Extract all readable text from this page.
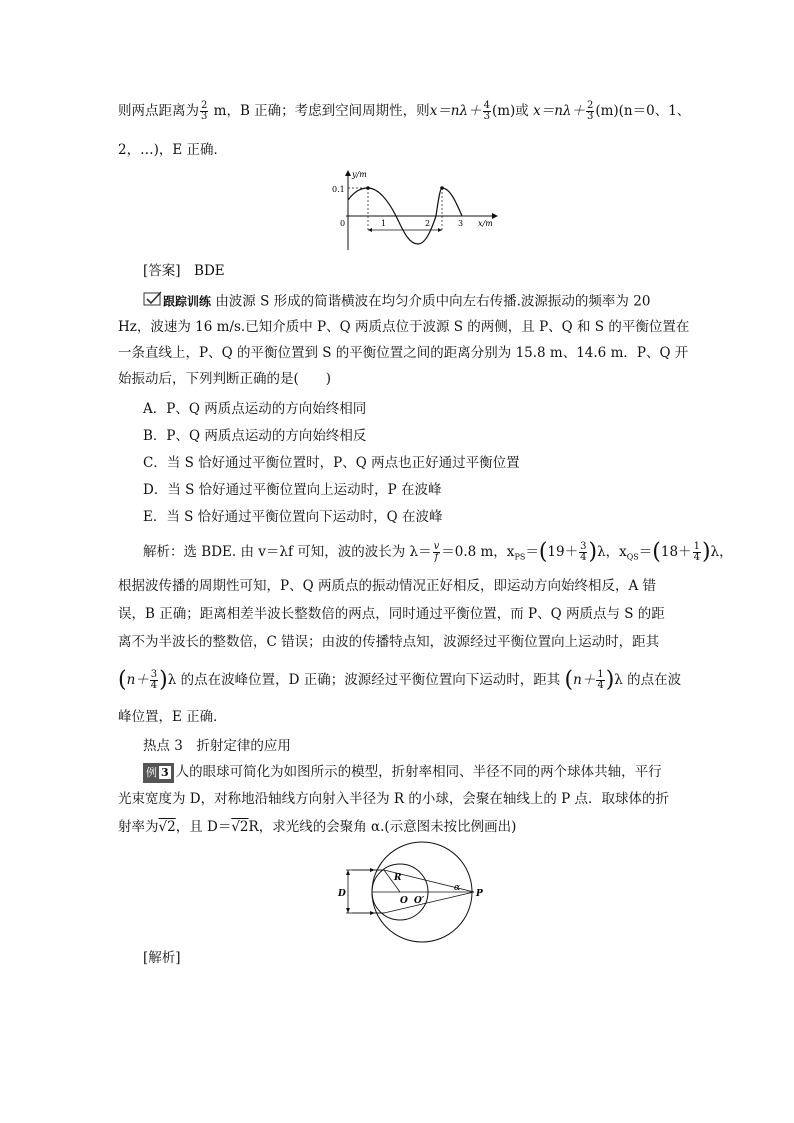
则两点距离为 $\frac{2}{3}$ m，B 正确；考虑到空间周期性，则$x=n\lambda+ \frac{4}{3} (m)$或 $x=n\lambda+ \frac{2}{3} (m)(n=0$、1、
2，…)，E 正确．
y/m
x/m
0.1
0	1	2	3
[答案]　BDE
跟踪训练 由波源 S 形成的简谐横波在均匀介质中向左右传播.波源振动的频率为 20
Hz，波速为 16 m/s.已知介质中 P、Q 两质点位于波源 S 的两侧，且 P、Q 和 S 的平衡位置在
一条直线上，P、Q 的平衡位置到 S 的平衡位置之间的距离分别为 15.8 m、14.6 m．P、Q 开
始振动后，下列判断正确的是(　　)
A．P、Q 两质点运动的方向始终相同
B．P、Q 两质点运动的方向始终相反
C．当 S 恰好通过平衡位置时，P、Q 两点也正好通过平衡位置
D．当 S 恰好通过平衡位置向上运动时，P 在波峰
E．当 S 恰好通过平衡位置向下运动时，Q 在波峰
解析：选 BDE. 由 v＝λf 可知，波的波长为 $\lambda= \frac{v}{f}=0.8$ m，$x_{PS}=(19+ \frac{3}{4} )\lambda$，$x_{QS}=(18+ \frac{1}{4} )\lambda$，
根据波传播的周期性可知，P、Q 两质点的振动情况正好相反，即运动方向始终相反，A 错
误，B 正确；距离相差半波长整数倍的两点，同时通过平衡位置，而 P、Q 两质点与 S 的距
离不为半波长的整数倍，C 错误；由波的传播特点知，波源经过平衡位置向上运动时，距其
$(n+ \frac{3}{4} )\lambda$ 的点在波峰位置，D 正确；波源经过平衡位置向下运动时，距其 $(n+ \frac{1}{4} )\lambda$ 的点在波
峰位置，E 正确．
热点 3　折射定律的应用
例 3 人的眼球可简化为如图所示的模型，折射率相同、半径不同的两个球体共轴，平行
光束宽度为 D，对称地沿轴线方向射入半径为 R 的小球，会聚在轴线上的 P 点．取球体的折
射率为√2，且 D＝√2R，求光线的会聚角 α.(示意图未按比例画出)
D
R
O O′
α
P
[解析]
